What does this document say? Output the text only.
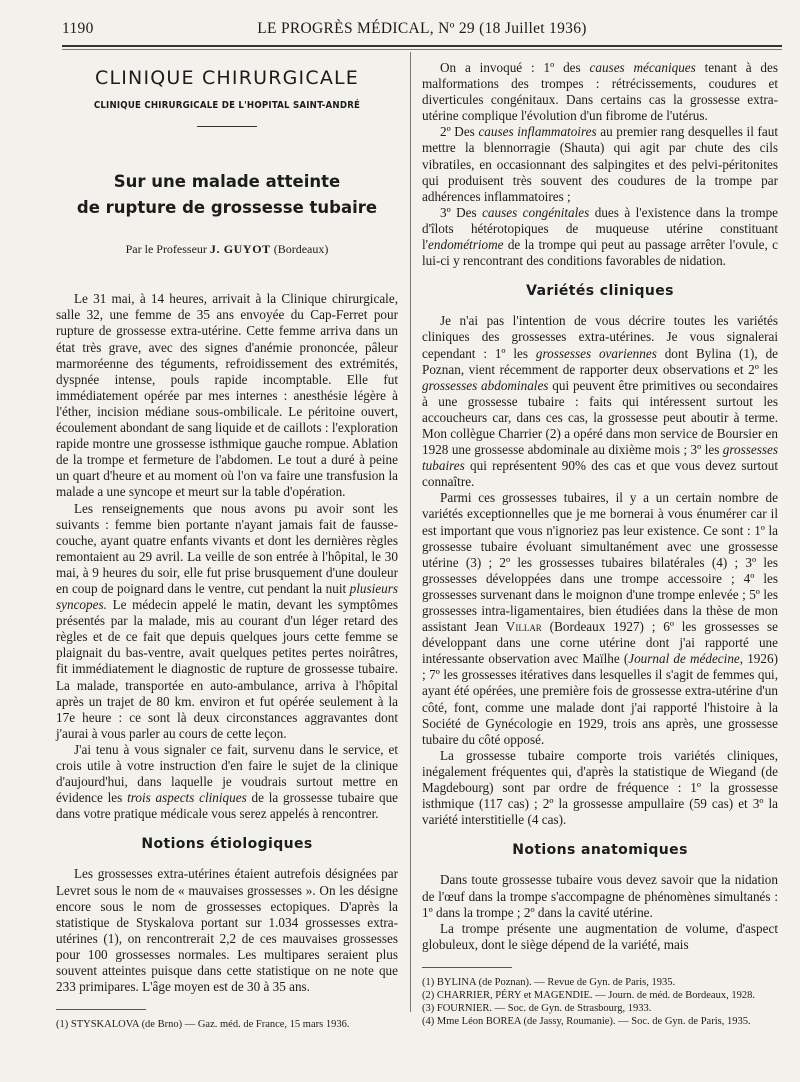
1190	LE PROGRÈS MÉDICAL, Nº 29 (18 Juillet 1936)
CLINIQUE CHIRURGICALE
CLINIQUE CHIRURGICALE DE L'HOPITAL SAINT-ANDRÉ
Sur une malade atteinte
de rupture de grossesse tubaire
Par le Professeur J. GUYOT (Bordeaux)

Le 31 mai, à 14 heures, arrivait à la Clinique chirurgicale, salle 32, une femme de 35 ans envoyée du Cap-Ferret pour rupture de grossesse extra-utérine. Cette femme arriva dans un état très grave, avec des signes d'anémie prononcée, pâleur marmoréenne des téguments, refroidissement des extrémités, dyspnée intense, pouls rapide incomptable. Elle fut immédiatement opérée par mes internes : anesthésie légère à l'éther, incision médiane sous-ombilicale. Le péritoine ouvert, écoulement abondant de sang liquide et de caillots : l'exploration rapide montre une grossesse isthmique gauche rompue. Ablation de la trompe et fermeture de l'abdomen. Le tout a duré à peine un quart d'heure et au moment où l'on va faire une transfusion la malade a une syncope et meurt sur la table d'opération.

Les renseignements que nous avons pu avoir sont les suivants : femme bien portante n'ayant jamais fait de fausse-couche, ayant quatre enfants vivants et dont les dernières règles remontaient au 29 avril. La veille de son entrée à l'hôpital, le 30 mai, à 9 heures du soir, elle fut prise brusquement d'une douleur en coup de poignard dans le ventre, cut pendant la nuit plusieurs syncopes. Le médecin appelé le matin, devant les symptômes présentés par la malade, mis au courant d'un léger retard des règles et de ce fait que depuis quelques jours cette femme se plaignait du bas-ventre, avait quelques petites pertes noirâtres, fit immédiatement le diagnostic de rupture de grossesse tubaire. La malade, transportée en auto-ambulance, arriva à l'hôpital après un trajet de 80 km. environ et fut opérée seulement à la 17e heure : ce sont là deux circonstances aggravantes dont j'aurai à vous parler au cours de cette leçon.

J'ai tenu à vous signaler ce fait, survenu dans le service, et crois utile à votre instruction d'en faire le sujet de la clinique d'aujourd'hui, dans laquelle je voudrais surtout mettre en évidence les trois aspects cliniques de la grossesse tubaire que dans votre pratique médicale vous serez appelés à rencontrer.

Notions étiologiques

Les grossesses extra-utérines étaient autrefois désignées par Levret sous le nom de « mauvaises grossesses ». On les désigne encore sous le nom de grossesses ectopiques. D'après la statistique de Styskalova portant sur 1.034 grossesses extra-utérines (1), on rencontrerait 2,2 de ces mauvaises grossesses pour 100 grossesses normales. Les multipares seraient plus souvent atteintes puisque dans cette statistique on ne note que 233 primipares. L'âge moyen est de 30 à 35 ans.

(1) STYSKALOVA (de Brno) — Gaz. méd. de France, 15 mars 1936.

On a invoqué : 1º des causes mécaniques tenant à des malformations des trompes : rétrécissements, coudures et diverticules congénitaux. Dans certains cas la grossesse extra-utérine complique l'évolution d'un fibrome de l'utérus.

2º Des causes inflammatoires au premier rang desquelles il faut mettre la blennorragie (Shauta) qui agit par chute des cils vibratiles, en occasionnant des salpingites et des pelvi-péritonites qui produisent très souvent des coudures de la trompe par adhérences inflammatoires ;

3º Des causes congénitales dues à l'existence dans la trompe d'îlots hétérotopiques de muqueuse utérine constituant l'endométriome de la trompe qui peut au passage arrêter l'ovule, c lui-ci y rencontrant des conditions favorables de nidation.

Variétés cliniques

Je n'ai pas l'intention de vous décrire toutes les variétés cliniques des grossesses extra-utérines. Je vous signalerai cependant : 1º les grossesses ovariennes dont Bylina (1), de Poznan, vient récemment de rapporter deux observations et 2º les grossesses abdominales qui peuvent être primitives ou secondaires à une grossesse tubaire : faits qui intéressent surtout les accoucheurs car, dans ces cas, la grossesse peut aboutir à terme. Mon collègue Charrier (2) a opéré dans mon service de Boursier en 1928 une grossesse abdominale au dixième mois ; 3º les grossesses tubaires qui représentent 90% des cas et que vous devez surtout connaître.

Parmi ces grossesses tubaires, il y a un certain nombre de variétés exceptionnelles que je me bornerai à vous énumérer car il est important que vous n'ignoriez pas leur existence. Ce sont : 1º la grossesse tubaire évoluant simultanément avec une grossesse utérine (3) ; 2º les grossesses tubaires bilatérales (4) ; 3º les grossesses développées dans une trompe accessoire ; 4º les grossesses survenant dans le moignon d'une trompe enlevée ; 5º les grossesses intra-ligamentaires, bien étudiées dans la thèse de mon assistant Jean Villar (Bordeaux 1927) ; 6º les grossesses se développant dans une corne utérine dont j'ai rapporté une intéressante observation avec Maïlhe (Journal de médecine, 1926) ; 7º les grossesses itératives dans lesquelles il s'agit de femmes qui, ayant été opérées, une première fois de grossesse extra-utérine d'un côté, font, comme une malade dont j'ai rapporté l'histoire à la Société de Gynécologie en 1929, trois ans après, une grossesse tubaire du côté opposé.

La grossesse tubaire comporte trois variétés cliniques, inégalement fréquentes qui, d'après la statistique de Wiegand (de Magdebourg) sont par ordre de fréquence : 1º la grossesse isthmique (117 cas) ; 2º la grossesse ampullaire (59 cas) et 3º la variété interstitielle (4 cas).

Notions anatomiques

Dans toute grossesse tubaire vous devez savoir que la nidation de l'œuf dans la trompe s'accompagne de phénomènes simultanés : 1º dans la trompe ; 2º dans la cavité utérine.

La trompe présente une augmentation de volume, d'aspect globuleux, dont le siège dépend de la variété, mais

(1) BYLINA (de Poznan). — Revue de Gyn. de Paris, 1935.

(2) CHARRIER, PÉRY et MAGENDIE. — Journ. de méd. de Bordeaux, 1928.

(3) FOURNIER. — Soc. de Gyn. de Strasbourg, 1933.

(4) Mme Léon BOREA (de Jassy, Roumanie). — Soc. de Gyn. de Paris, 1935.
